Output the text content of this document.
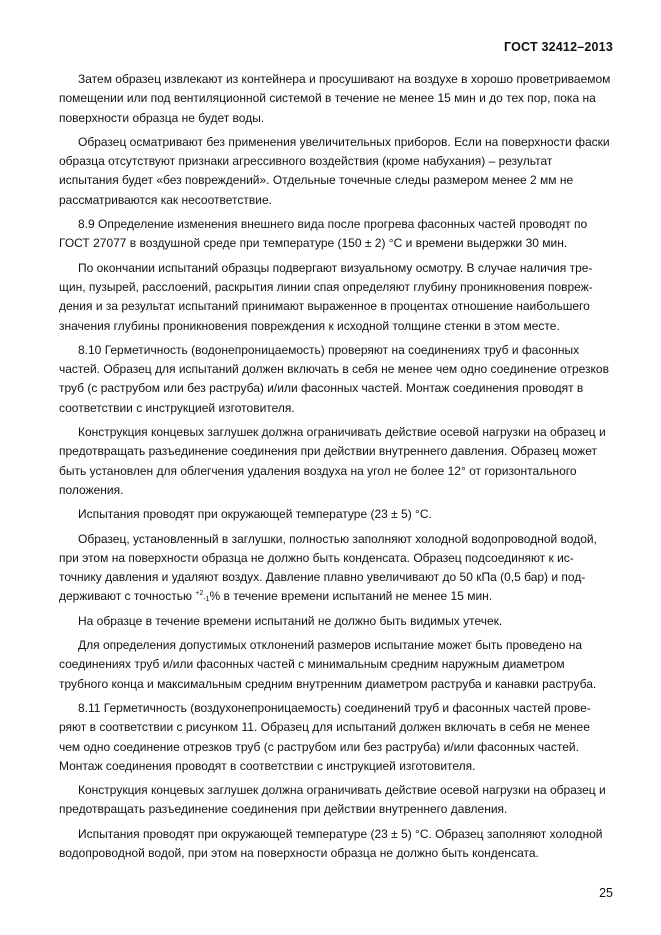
ГОСТ 32412–2013

Затем образец извлекают из контейнера и просушивают на воздухе в хорошо проветриваемом помещении или под вентиляционной системой в течение не менее 15 мин и до тех пор, пока на поверхности образца не будет воды.

Образец осматривают без применения увеличительных приборов. Если на поверхности фаски образца отсутствуют признаки агрессивного воздействия (кроме набухания) – результат испытания будет «без повреждений». Отдельные точечные следы размером менее 2 мм не рассматриваются как несоответствие.

8.9 Определение изменения внешнего вида после прогрева фасонных частей проводят по ГОСТ 27077 в воздушной среде при температуре (150 ± 2) °С и времени выдержки 30 мин.

По окончании испытаний образцы подвергают визуальному осмотру. В случае наличия трещин, пузырей, расслоений, раскрытия линии спая определяют глубину проникновения повреждения и за результат испытаний принимают выраженное в процентах отношение наибольшего значения глубины проникновения повреждения к исходной толщине стенки в этом месте.

8.10 Герметичность (водонепроницаемость) проверяют на соединениях труб и фасонных частей. Образец для испытаний должен включать в себя не менее чем одно соединение отрезков труб (с раструбом или без раструба) и/или фасонных частей. Монтаж соединения проводят в соответствии с инструкцией изготовителя.

Конструкция концевых заглушек должна ограничивать действие осевой нагрузки на образец и предотвращать разъединение соединения при действии внутреннего давления. Образец может быть установлен для облегчения удаления воздуха на угол не более 12° от горизонтального положения.

Испытания проводят при окружающей температуре (23 ± 5) °С.

Образец, установленный в заглушки, полностью заполняют холодной водопроводной водой, при этом на поверхности образца не должно быть конденсата. Образец подсоединяют к источнику давления и удаляют воздух. Давление плавно увеличивают до 50 кПа (0,5 бар) и поддерживают с точностью $^{+2}_{-1}$% в течение времени испытаний не менее 15 мин.

На образце в течение времени испытаний не должно быть видимых утечек.

Для определения допустимых отклонений размеров испытание может быть проведено на соединениях труб и/или фасонных частей с минимальным средним наружным диаметром трубного конца и максимальным средним внутренним диаметром раструба и канавки раструба.

8.11 Герметичность (воздухонепроницаемость) соединений труб и фасонных частей проверяют в соответствии с рисунком 11. Образец для испытаний должен включать в себя не менее чем одно соединение отрезков труб (с раструбом или без раструба) и/или фасонных частей. Монтаж соединения проводят в соответствии с инструкцией изготовителя.

Конструкция концевых заглушек должна ограничивать действие осевой нагрузки на образец и предотвращать разъединение соединения при действии внутреннего давления.

Испытания проводят при окружающей температуре (23 ± 5) °С. Образец заполняют холодной водопроводной водой, при этом на поверхности образца не должно быть конденсата.

25
